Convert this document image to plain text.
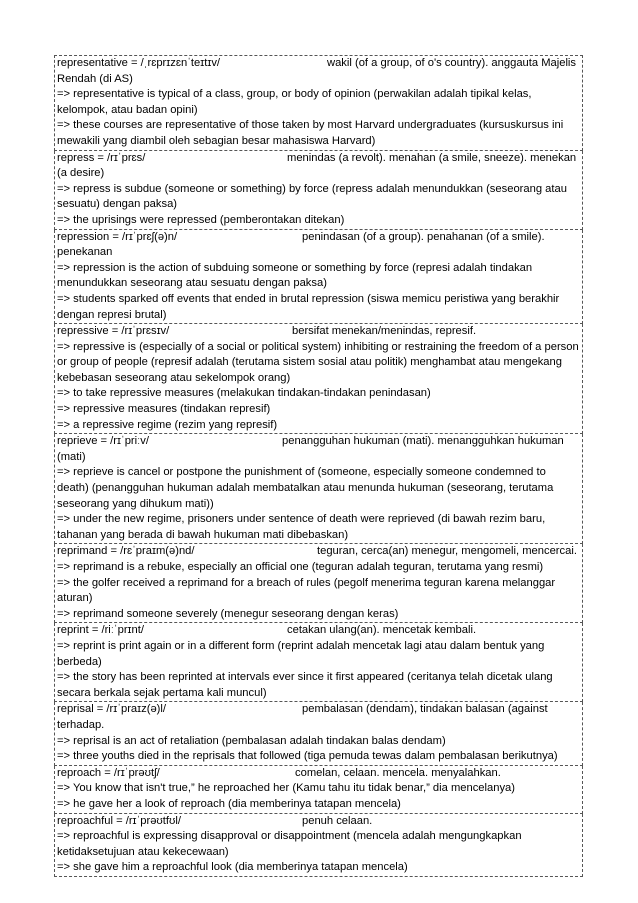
representative = /ˌrɛprɪzɛnˈteɪtɪv/	wakil (of a group, of o's country). anggauta Majelis Rendah (di AS)
=> representative is typical of a class, group, or body of opinion (perwakilan adalah tipikal kelas, kelompok, atau badan opini)
=> these courses are representative of those taken by most Harvard undergraduates (kursuskursus ini mewakili yang diambil oleh sebagian besar mahasiswa Harvard)
repress = /rɪˈprɛs/	menindas (a revolt). menahan (a smile, sneeze). menekan (a desire)
=> repress is subdue (someone or something) by force (repress adalah menundukkan (seseorang atau sesuatu) dengan paksa)
=> the uprisings were repressed (pemberontakan ditekan)
repression = /rɪˈprɛʃ(ə)n/	penindasan (of a group). penahanan (of a smile). penekanan
=> repression is the action of subduing someone or something by force (represi adalah tindakan menundukkan seseorang atau sesuatu dengan paksa)
=> students sparked off events that ended in brutal repression (siswa memicu peristiwa yang berakhir dengan represi brutal)
repressive = /rɪˈprɛsɪv/	bersifat menekan/menindas, represif.
=> repressive is (especially of a social or political system) inhibiting or restraining the freedom of a person or group of people (represif adalah (terutama sistem sosial atau politik) menghambat atau mengekang kebebasan seseorang atau sekelompok orang)
=> to take repressive measures (melakukan tindakan-tindakan penindasan)
=> repressive measures (tindakan represif)
=> a repressive regime (rezim yang represif)
reprieve = /rɪˈpriːv/	penangguhan hukuman (mati). menangguhkan hukuman (mati)
=> reprieve is cancel or postpone the punishment of (someone, especially someone condemned to death) (penangguhan hukuman adalah membatalkan atau menunda hukuman (seseorang, terutama seseorang yang dihukum mati))
=> under the new regime, prisoners under sentence of death were reprieved (di bawah rezim baru, tahanan yang berada di bawah hukuman mati dibebaskan)
reprimand = /rɛˈpraɪm(ə)nd/	teguran, cerca(an) menegur, mengomeli, mencercai.
=> reprimand is a rebuke, especially an official one (teguran adalah teguran, terutama yang resmi)
=> the golfer received a reprimand for a breach of rules (pegolf menerima teguran karena melanggar aturan)
=> reprimand someone severely (menegur seseorang dengan keras)
reprint = /riːˈprɪnt/	cetakan ulang(an). mencetak kembali.
=> reprint is print again or in a different form (reprint adalah mencetak lagi atau dalam bentuk yang berbeda)
=> the story has been reprinted at intervals ever since it first appeared (ceritanya telah dicetak ulang secara berkala sejak pertama kali muncul)
reprisal = /rɪˈpraɪz(ə)l/	pembalasan (dendam), tindakan balasan (against terhadap.
=> reprisal is an act of retaliation (pembalasan adalah tindakan balas dendam)
=> three youths died in the reprisals that followed (tiga pemuda tewas dalam pembalasan berikutnya)
reproach = /rɪˈprəʊtʃ/	comelan, celaan. mencela. menyalahkan.
=> You know that isn't true,” he reproached her (Kamu tahu itu tidak benar,” dia mencelanya)
=> he gave her a look of reproach (dia memberinya tatapan mencela)
reproachful = /rɪˈprəʊtfʊl/	penuh celaan.
=> reproachful is expressing disapproval or disappointment (mencela adalah mengungkapkan ketidaksetujuan atau kekecewaan)
=> she gave him a reproachful look (dia memberinya tatapan mencela)
